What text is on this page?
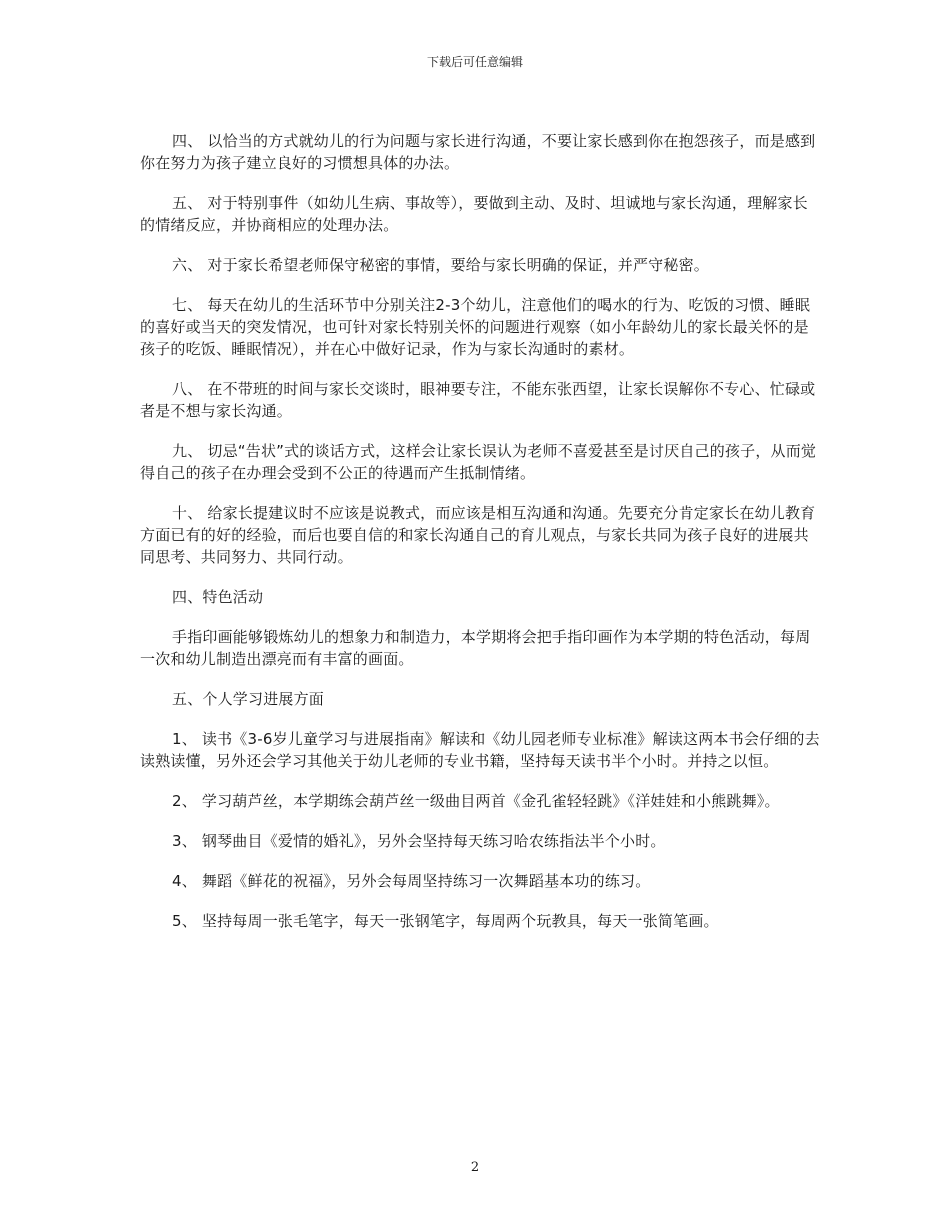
下载后可任意编辑

四、 以恰当的方式就幼儿的行为问题与家长进行沟通，不要让家长感到你在抱怨孩子，而是感到你在努力为孩子建立良好的习惯想具体的办法。

五、 对于特别事件（如幼儿生病、事故等），要做到主动、及时、坦诚地与家长沟通，理解家长的情绪反应，并协商相应的处理办法。

六、 对于家长希望老师保守秘密的事情，要给与家长明确的保证，并严守秘密。

七、 每天在幼儿的生活环节中分别关注2-3个幼儿，注意他们的喝水的行为、吃饭的习惯、睡眠的喜好或当天的突发情况，也可针对家长特别关怀的问题进行观察（如小年龄幼儿的家长最关怀的是孩子的吃饭、睡眠情况），并在心中做好记录，作为与家长沟通时的素材。

八、 在不带班的时间与家长交谈时，眼神要专注，不能东张西望，让家长误解你不专心、忙碌或者是不想与家长沟通。

九、 切忌“告状”式的谈话方式，这样会让家长误认为老师不喜爱甚至是讨厌自己的孩子，从而觉得自己的孩子在办理会受到不公正的待遇而产生抵制情绪。

十、 给家长提建议时不应该是说教式，而应该是相互沟通和沟通。先要充分肯定家长在幼儿教育方面已有的好的经验，而后也要自信的和家长沟通自己的育儿观点，与家长共同为孩子良好的进展共同思考、共同努力、共同行动。

四、特色活动

手指印画能够锻炼幼儿的想象力和制造力，本学期将会把手指印画作为本学期的特色活动，每周一次和幼儿制造出漂亮而有丰富的画面。

五、个人学习进展方面

1、 读书《3-6岁儿童学习与进展指南》解读和《幼儿园老师专业标准》解读这两本书会仔细的去读熟读懂，另外还会学习其他关于幼儿老师的专业书籍，坚持每天读书半个小时。并持之以恒。

2、 学习葫芦丝，本学期练会葫芦丝一级曲目两首《金孔雀轻轻跳》《洋娃娃和小熊跳舞》。

3、 钢琴曲目《爱情的婚礼》，另外会坚持每天练习哈农练指法半个小时。

4、 舞蹈《鲜花的祝福》，另外会每周坚持练习一次舞蹈基本功的练习。

5、 坚持每周一张毛笔字，每天一张钢笔字，每周两个玩教具，每天一张简笔画。

2
